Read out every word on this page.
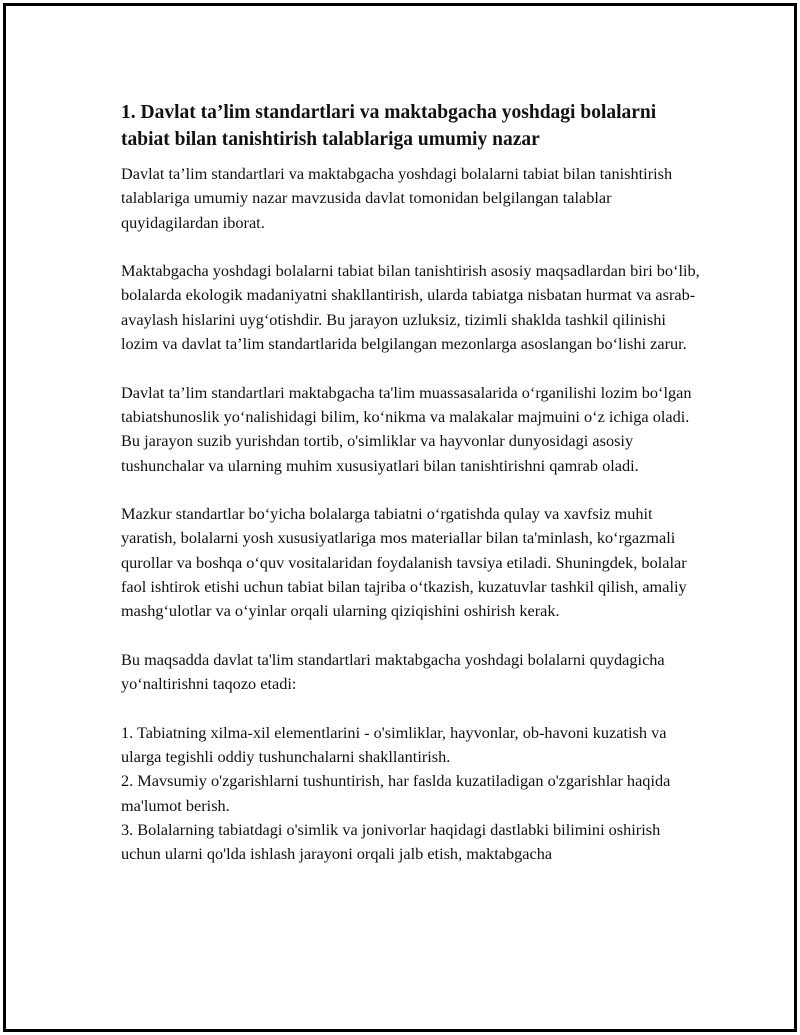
1. Davlat ta’lim standartlari va maktabgacha yoshdagi bolalarni tabiat bilan tanishtirish talablariga umumiy nazar

Davlat ta’lim standartlari va maktabgacha yoshdagi bolalarni tabiat bilan tanishtirish talablariga umumiy nazar mavzusida davlat tomonidan belgilangan talablar quyidagilardan iborat.

Maktabgacha yoshdagi bolalarni tabiat bilan tanishtirish asosiy maqsadlardan biri bo‘lib, bolalarda ekologik madaniyatni shakllantirish, ularda tabiatga nisbatan hurmat va asrab-avaylash hislarini uyg‘otishdir. Bu jarayon uzluksiz, tizimli shaklda tashkil qilinishi lozim va davlat ta’lim standartlarida belgilangan mezonlarga asoslangan bo‘lishi zarur.

Davlat ta’lim standartlari maktabgacha ta'lim muassasalarida o‘rganilishi lozim bo‘lgan tabiatshunoslik yo‘nalishidagi bilim, ko‘nikma va malakalar majmuini o‘z ichiga oladi. Bu jarayon suzib yurishdan tortib, o'simliklar va hayvonlar dunyosidagi asosiy tushunchalar va ularning muhim xususiyatlari bilan tanishtirishni qamrab oladi.

Mazkur standartlar bo‘yicha bolalarga tabiatni o‘rgatishda qulay va xavfsiz muhit yaratish, bolalarni yosh xususiyatlariga mos materiallar bilan ta'minlash, ko‘rgazmali qurollar va boshqa o‘quv vositalaridan foydalanish tavsiya etiladi. Shuningdek, bolalar faol ishtirok etishi uchun tabiat bilan tajriba o‘tkazish, kuzatuvlar tashkil qilish, amaliy mashg‘ulotlar va o‘yinlar orqali ularning qiziqishini oshirish kerak.

Bu maqsadda davlat ta'lim standartlari maktabgacha yoshdagi bolalarni quydagicha yo‘naltirishni taqozo etadi:

1. Tabiatning xilma-xil elementlarini - o'simliklar, hayvonlar, ob-havoni kuzatish va ularga tegishli oddiy tushunchalarni shakllantirish.

2. Mavsumiy o'zgarishlarni tushuntirish, har faslda kuzatiladigan o'zgarishlar haqida ma'lumot berish.

3. Bolalarning tabiatdagi o'simlik va jonivorlar haqidagi dastlabki bilimini oshirish uchun ularni qo'lda ishlash jarayoni orqali jalb etish, maktabgacha
